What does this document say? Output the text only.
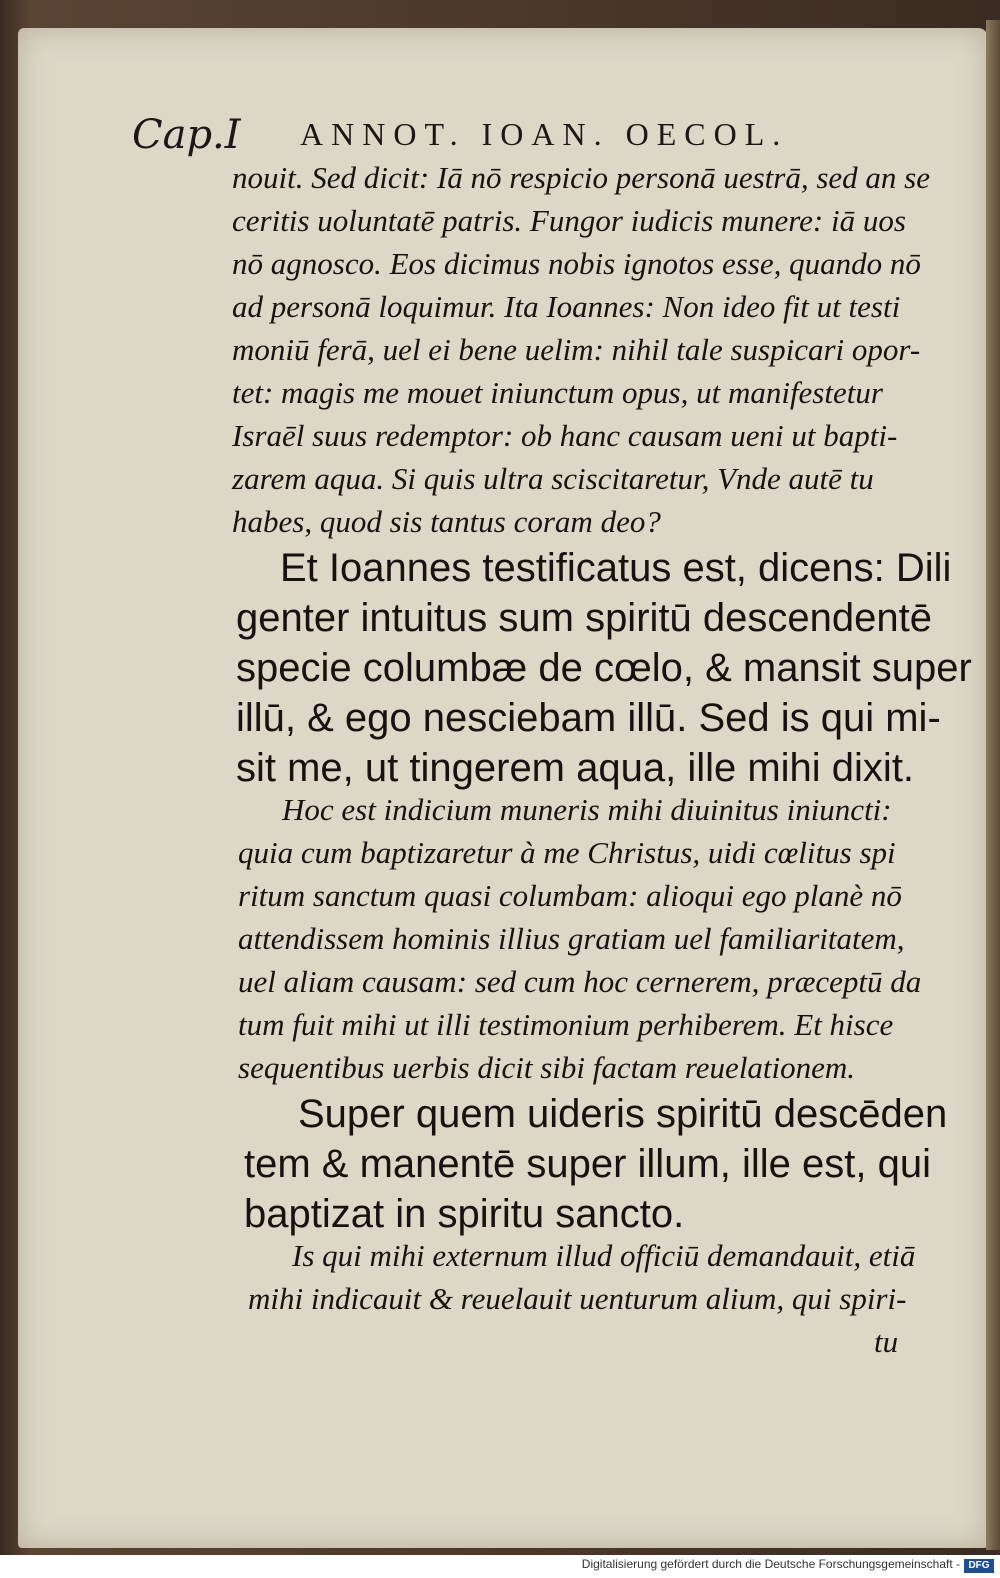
Cap.I ANNOT. IOAN. OECOL.
nouit. Sed dicit: Iā nō respicio personā uestrā, sed an se
ceritis uoluntatē patris. Fungor iudicis munere: iā uos
nō agnosco. Eos dicimus nobis ignotos esse, quando nō
ad personā loquimur. Ita Ioannes: Non ideo fit ut testi
moniū ferā, uel ei bene uelim: nihil tale suspicari opor-
tet: magis me mouet iniunctum opus, ut manifestetur
Israēl suus redemptor: ob hanc causam ueni ut bapti-
zarem aqua. Si quis ultra sciscitaretur, Vnde autē tu
habes, quod sis tantus coram deo?
Et Ioannes testificatus est, dicens: Dili
genter intuitus sum spiritū descendentē
specie columbæ de cœlo, & mansit super
illū, & ego nesciebam illū. Sed is qui mi-
sit me, ut tingerem aqua, ille mihi dixit.
Hoc est indicium muneris mihi diuinitus iniuncti:
quia cum baptizaretur à me Christus, uidi cœlitus spi
ritum sanctum quasi columbam: alioqui ego planè nō
attendissem hominis illius gratiam uel familiaritatem,
uel aliam causam: sed cum hoc cernerem, præceptū da
tum fuit mihi ut illi testimonium perhiberem. Et hisce
sequentibus uerbis dicit sibi factam reuelationem.
Super quem uideris spiritū descēden
tem & manentē super illum, ille est, qui
baptizat in spiritu sancto.
Is qui mihi externum illud officiū demandauit, etiā
mihi indicauit & reuelauit uenturum alium, qui spiri-
tu
Digitalisierung gefördert durch die Deutsche Forschungsgemeinschaft - DFG
